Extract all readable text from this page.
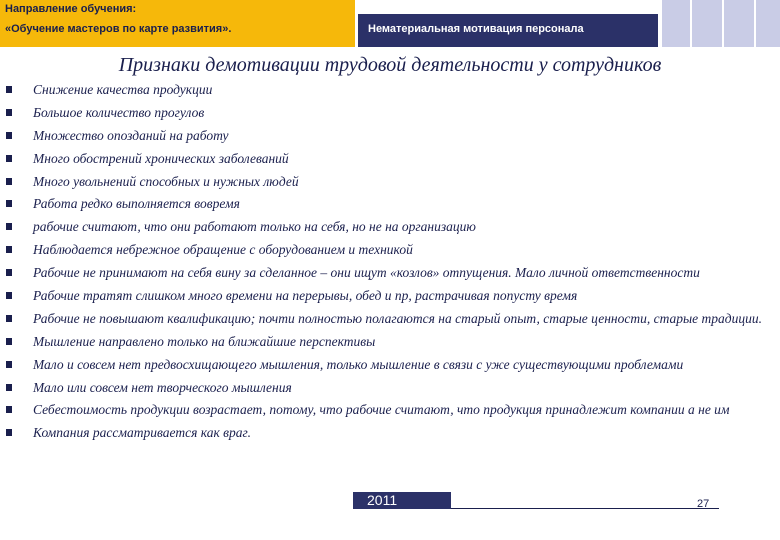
Направление обучения:
«Обучение мастеров по карте развития».	Нематериальная мотивация персонала
Признаки демотивации трудовой деятельности у сотрудников
Снижение качества продукции
Большое количество прогулов
Множество опозданий на работу
Много обострений хронических заболеваний
Много увольнений способных и нужных людей
Работа редко выполняется вовремя
рабочие считают, что они работают только на себя, но не на организацию
Наблюдается небрежное обращение с оборудованием и техникой
Рабочие не принимают на себя вину за сделанное – они ищут «козлов» отпущения. Мало личной ответственности
Рабочие тратят слишком много времени на перерывы, обед и пр, растрачивая попусту время
Рабочие не повышают квалификацию; почти полностью полагаются на старый опыт, старые ценности, старые традиции.
Мышление направлено только на ближайшие перспективы
Мало и совсем нет предвосхищающего мышления, только мышление в связи с уже существующими проблемами
Мало или совсем нет творческого мышления
Себестоимость продукции возрастает, потому, что рабочие считают, что продукция принадлежит компании а не им
Компания рассматривается как враг.
2011	27
